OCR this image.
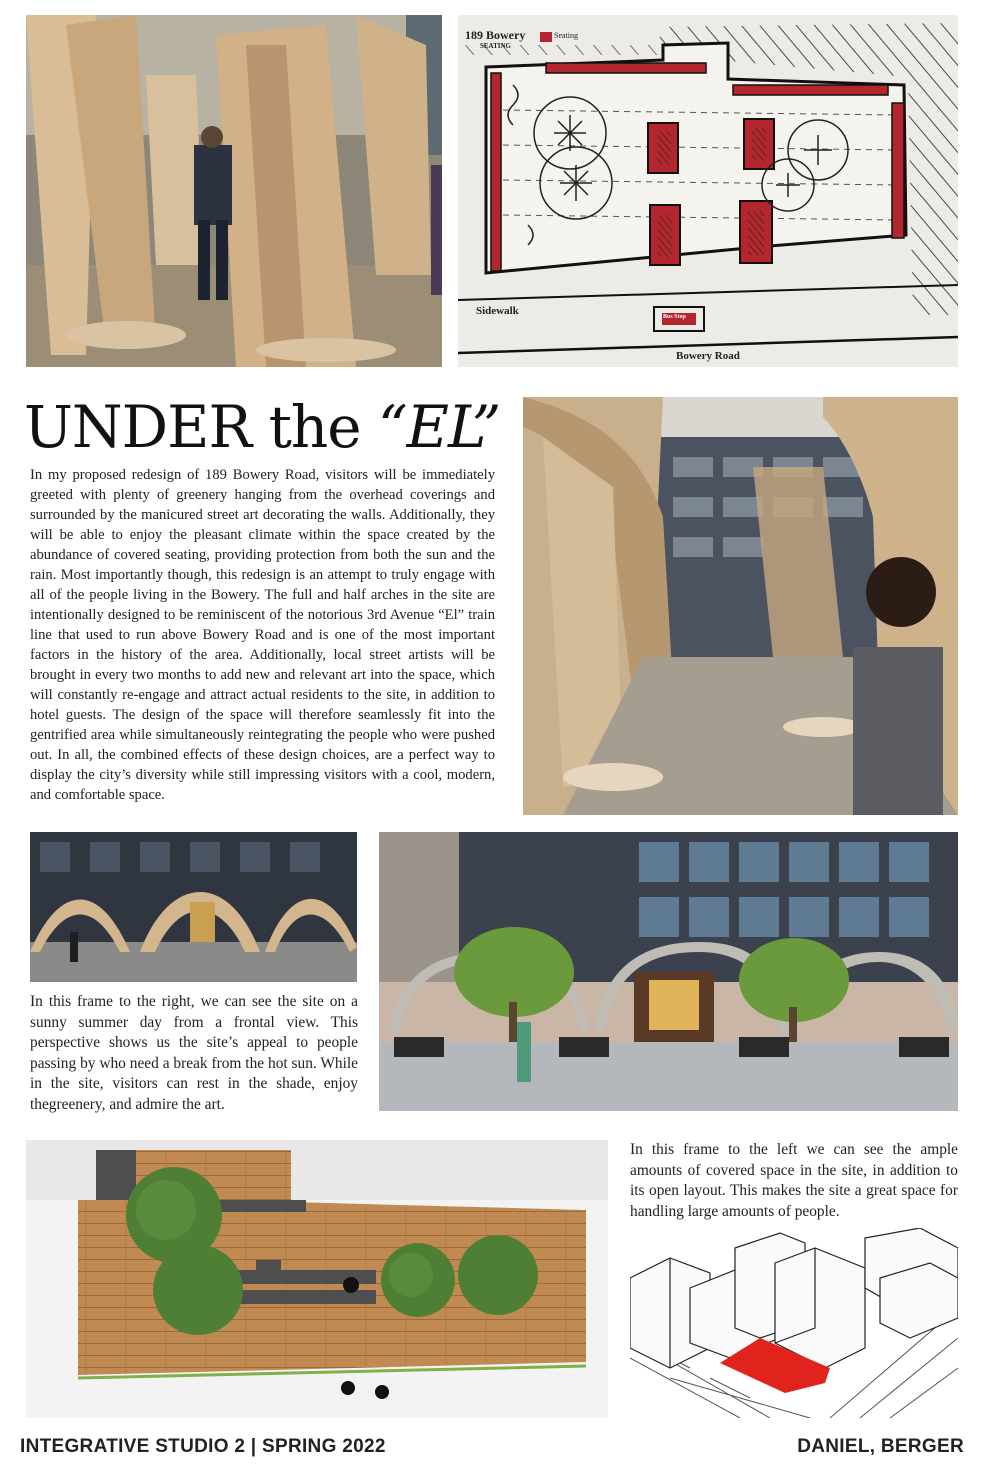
189 Bowery
SEATING
Seating
Sidewalk	Bus Stop
Bowery Road
UNDER the “EL”
In my proposed redesign of 189 Bowery Road, visitors will be immediately greeted with plenty of greenery hanging from the overhead coverings and surrounded by the manicured street art decorating the walls. Additionally, they will be able to enjoy the pleasant climate within the space created by the abundance of covered seating, providing protection from both the sun and the rain. Most importantly though, this redesign is an attempt to truly engage with all of the people living in the Bowery. The full and half arches in the site are intentionally designed to be reminiscent of the notorious 3rd Avenue “El” train line that used to run above Bowery Road and is one of the most important factors in the history of the area. Additionally, local street artists will be brought in every two months to add new and relevant art into the space, which will constantly re-engage and attract actual residents to the site, in addition to hotel guests. The design of the space will therefore seamlessly fit into the gentrified area while simultaneously reintegrating the people who were pushed out. In all, the combined effects of these design choices, are a perfect way to display the city’s diversity while still impressing visitors with a cool, modern, and comfortable space.
In this frame to the right, we can see the site on a sunny summer day from a frontal view. This perspective shows us the site’s appeal to people passing by who need a break from the hot sun. While in the site, visitors can rest in the shade, enjoy thegreenery, and admire the art.
In this frame to the left we can see the ample amounts of covered space in the site, in addition to its open layout. This makes the site a great space for handling large amounts of people.
INTEGRATIVE STUDIO 2 | SPRING 2022	DANIEL, BERGER
